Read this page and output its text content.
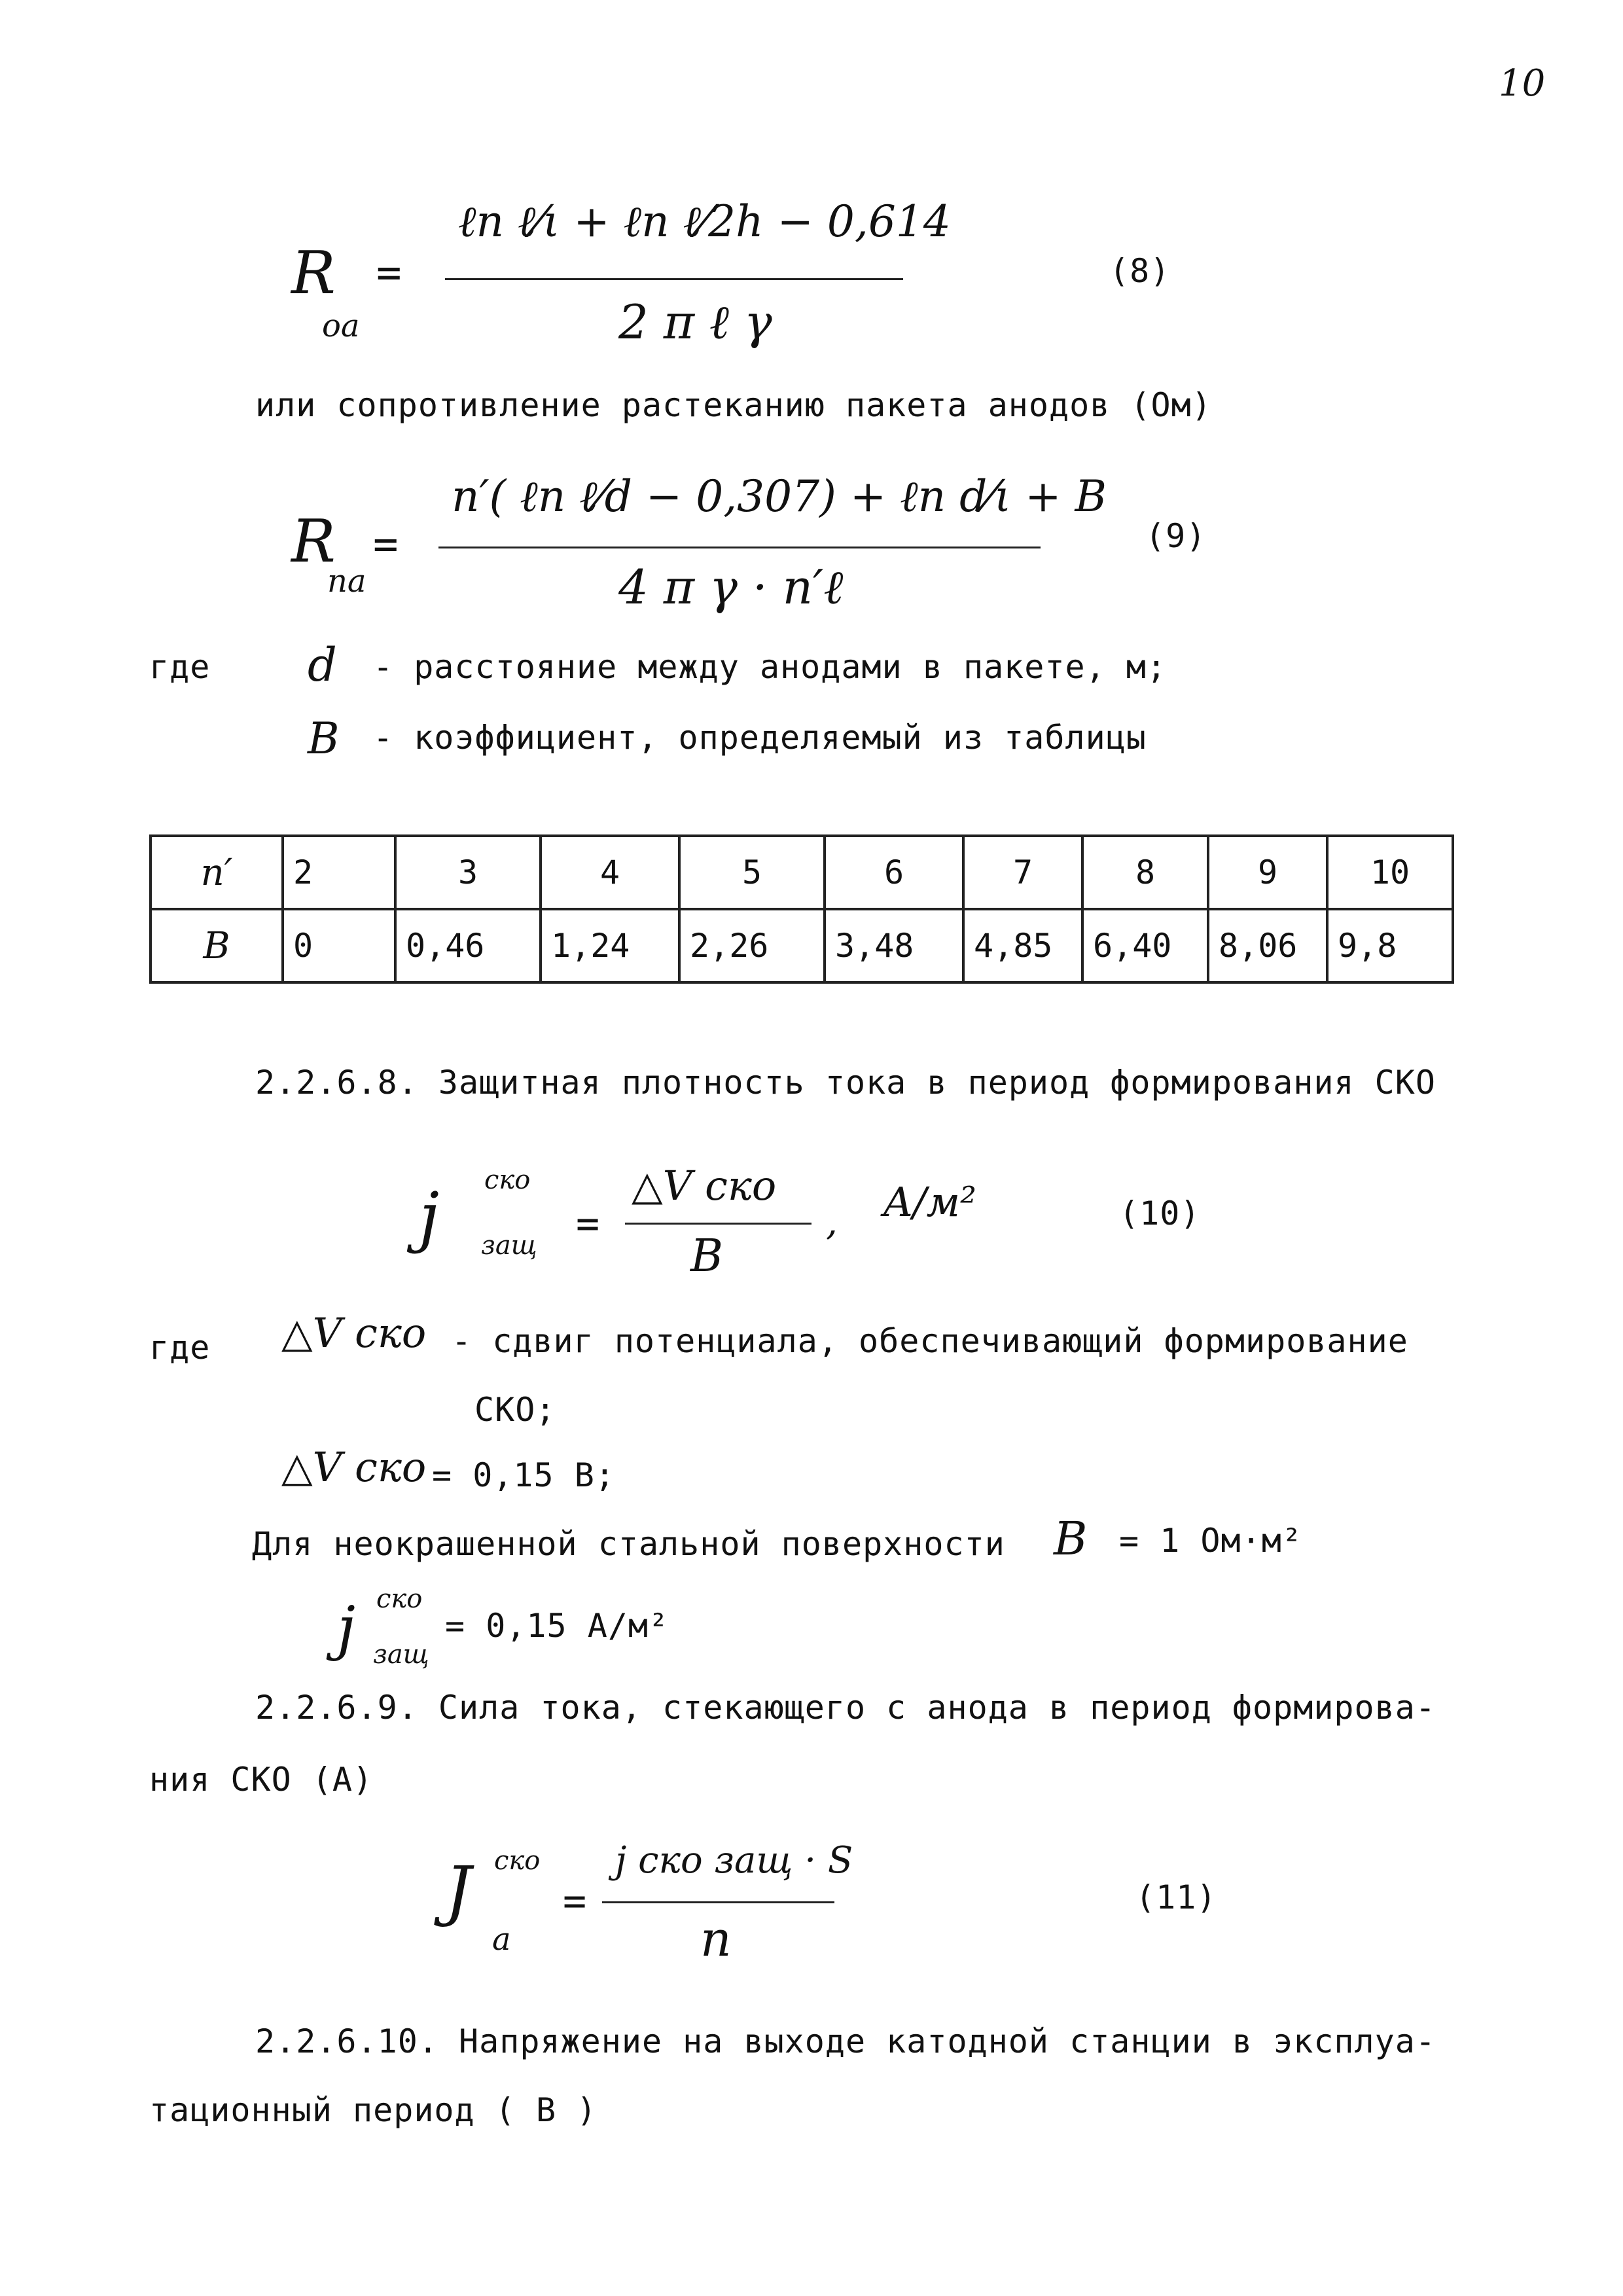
10
R
оа
=
ℓn ℓ⁄ι + ℓn ℓ⁄2h − 0,614
2 π ℓ γ
(8)
или сопротивление растеканию пакета анодов (Ом)
R
па
=
n′( ℓn ℓ⁄d − 0,307) + ℓn d⁄ι + B
4 π γ · n′ℓ
(9)
где d - расстояние между анодами в пакете, м;
B - коэффициент, определяемый из таблицы
n′	2	3	4	5	6	7	8	9	10
B	0	0,46	1,24	2,26	3,48	4,85	6,40	8,06	9,8
2.2.6.8. Защитная плотность тока в период формирования СКО
j ско
защ =
△V ско
B
, A/м²	(10)
где △V ско - сдвиг потенциала, обеспечивающий формирование
СКО;
△V ско = 0,15 В;
Для неокрашенной стальной поверхности B = 1 Ом·м²
j ско
защ
= 0,15 А/м²
2.2.6.9. Сила тока, стекающего с анода в период формирова-
ния СКО (А)
J ско
а
=
j ско защ · S
n
(11)
2.2.6.10. Напряжение на выходе катодной станции в эксплуа-
тационный период ( B )
